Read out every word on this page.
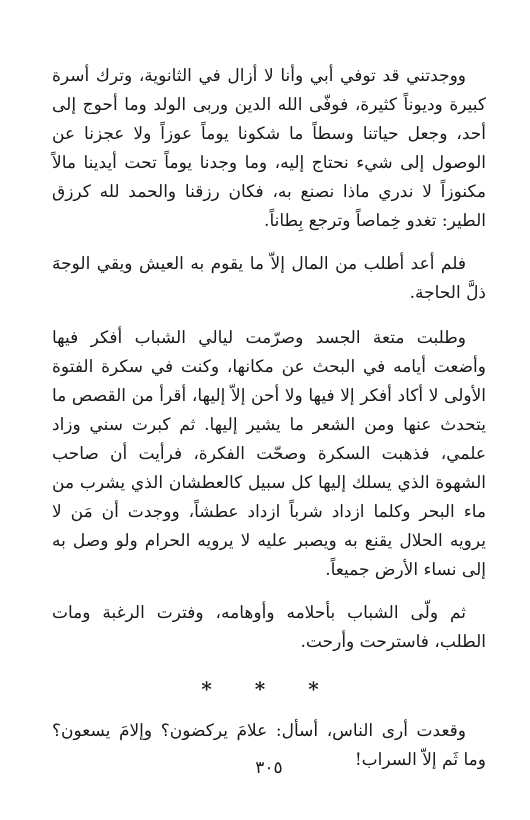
ووجدتني قد توفي أبي وأنا لا أزال في الثانوية، وترك أسرة كبيرة وديوناً كثيرة، فوفّى الله الدين وربى الولد وما أحوج إلى أحد، وجعل حياتنا وسطاً ما شكونا يوماً عوزاً ولا عجزنا عن الوصول إلى شيء نحتاج إليه، وما وجدنا يوماً تحت أيدينا مالاً مكنوزاً لا ندري ماذا نصنع به، فكان رزقنا والحمد لله كرزق الطير: تغدو خِماصاً وترجع بِطاناً.

فلم أعد أطلب من المال إلاّ ما يقوم به العيش ويقي الوجهَ ذلَّ الحاجة.

وطلبت متعة الجسد وصرّمت ليالي الشباب أفكر فيها وأضعت أيامه في البحث عن مكانها، وكنت في سكرة الفتوة الأولى لا أكاد أفكر إلا فيها ولا أحن إلاّ إليها، أقرأ من القصص ما يتحدث عنها ومن الشعر ما يشير إليها. ثم كبرت سني وزاد علمي، فذهبت السكرة وصحّت الفكرة، فرأيت أن صاحب الشهوة الذي يسلك إليها كل سبيل كالعطشان الذي يشرب من ماء البحر وكلما ازداد شرباً ازداد عطشاً، ووجدت أن مَن لا يرويه الحلال يقنع به ويصبر عليه لا يرويه الحرام ولو وصل به إلى نساء الأرض جميعاً.

ثم ولّى الشباب بأحلامه وأوهامه، وفترت الرغبة ومات الطلب، فاسترحت وأرحت.

* * *

وقعدت أرى الناس، أسأل: علامَ يركضون؟ وإلامَ يسعون؟ وما ثَم إلاّ السراب!

٣٠٥
